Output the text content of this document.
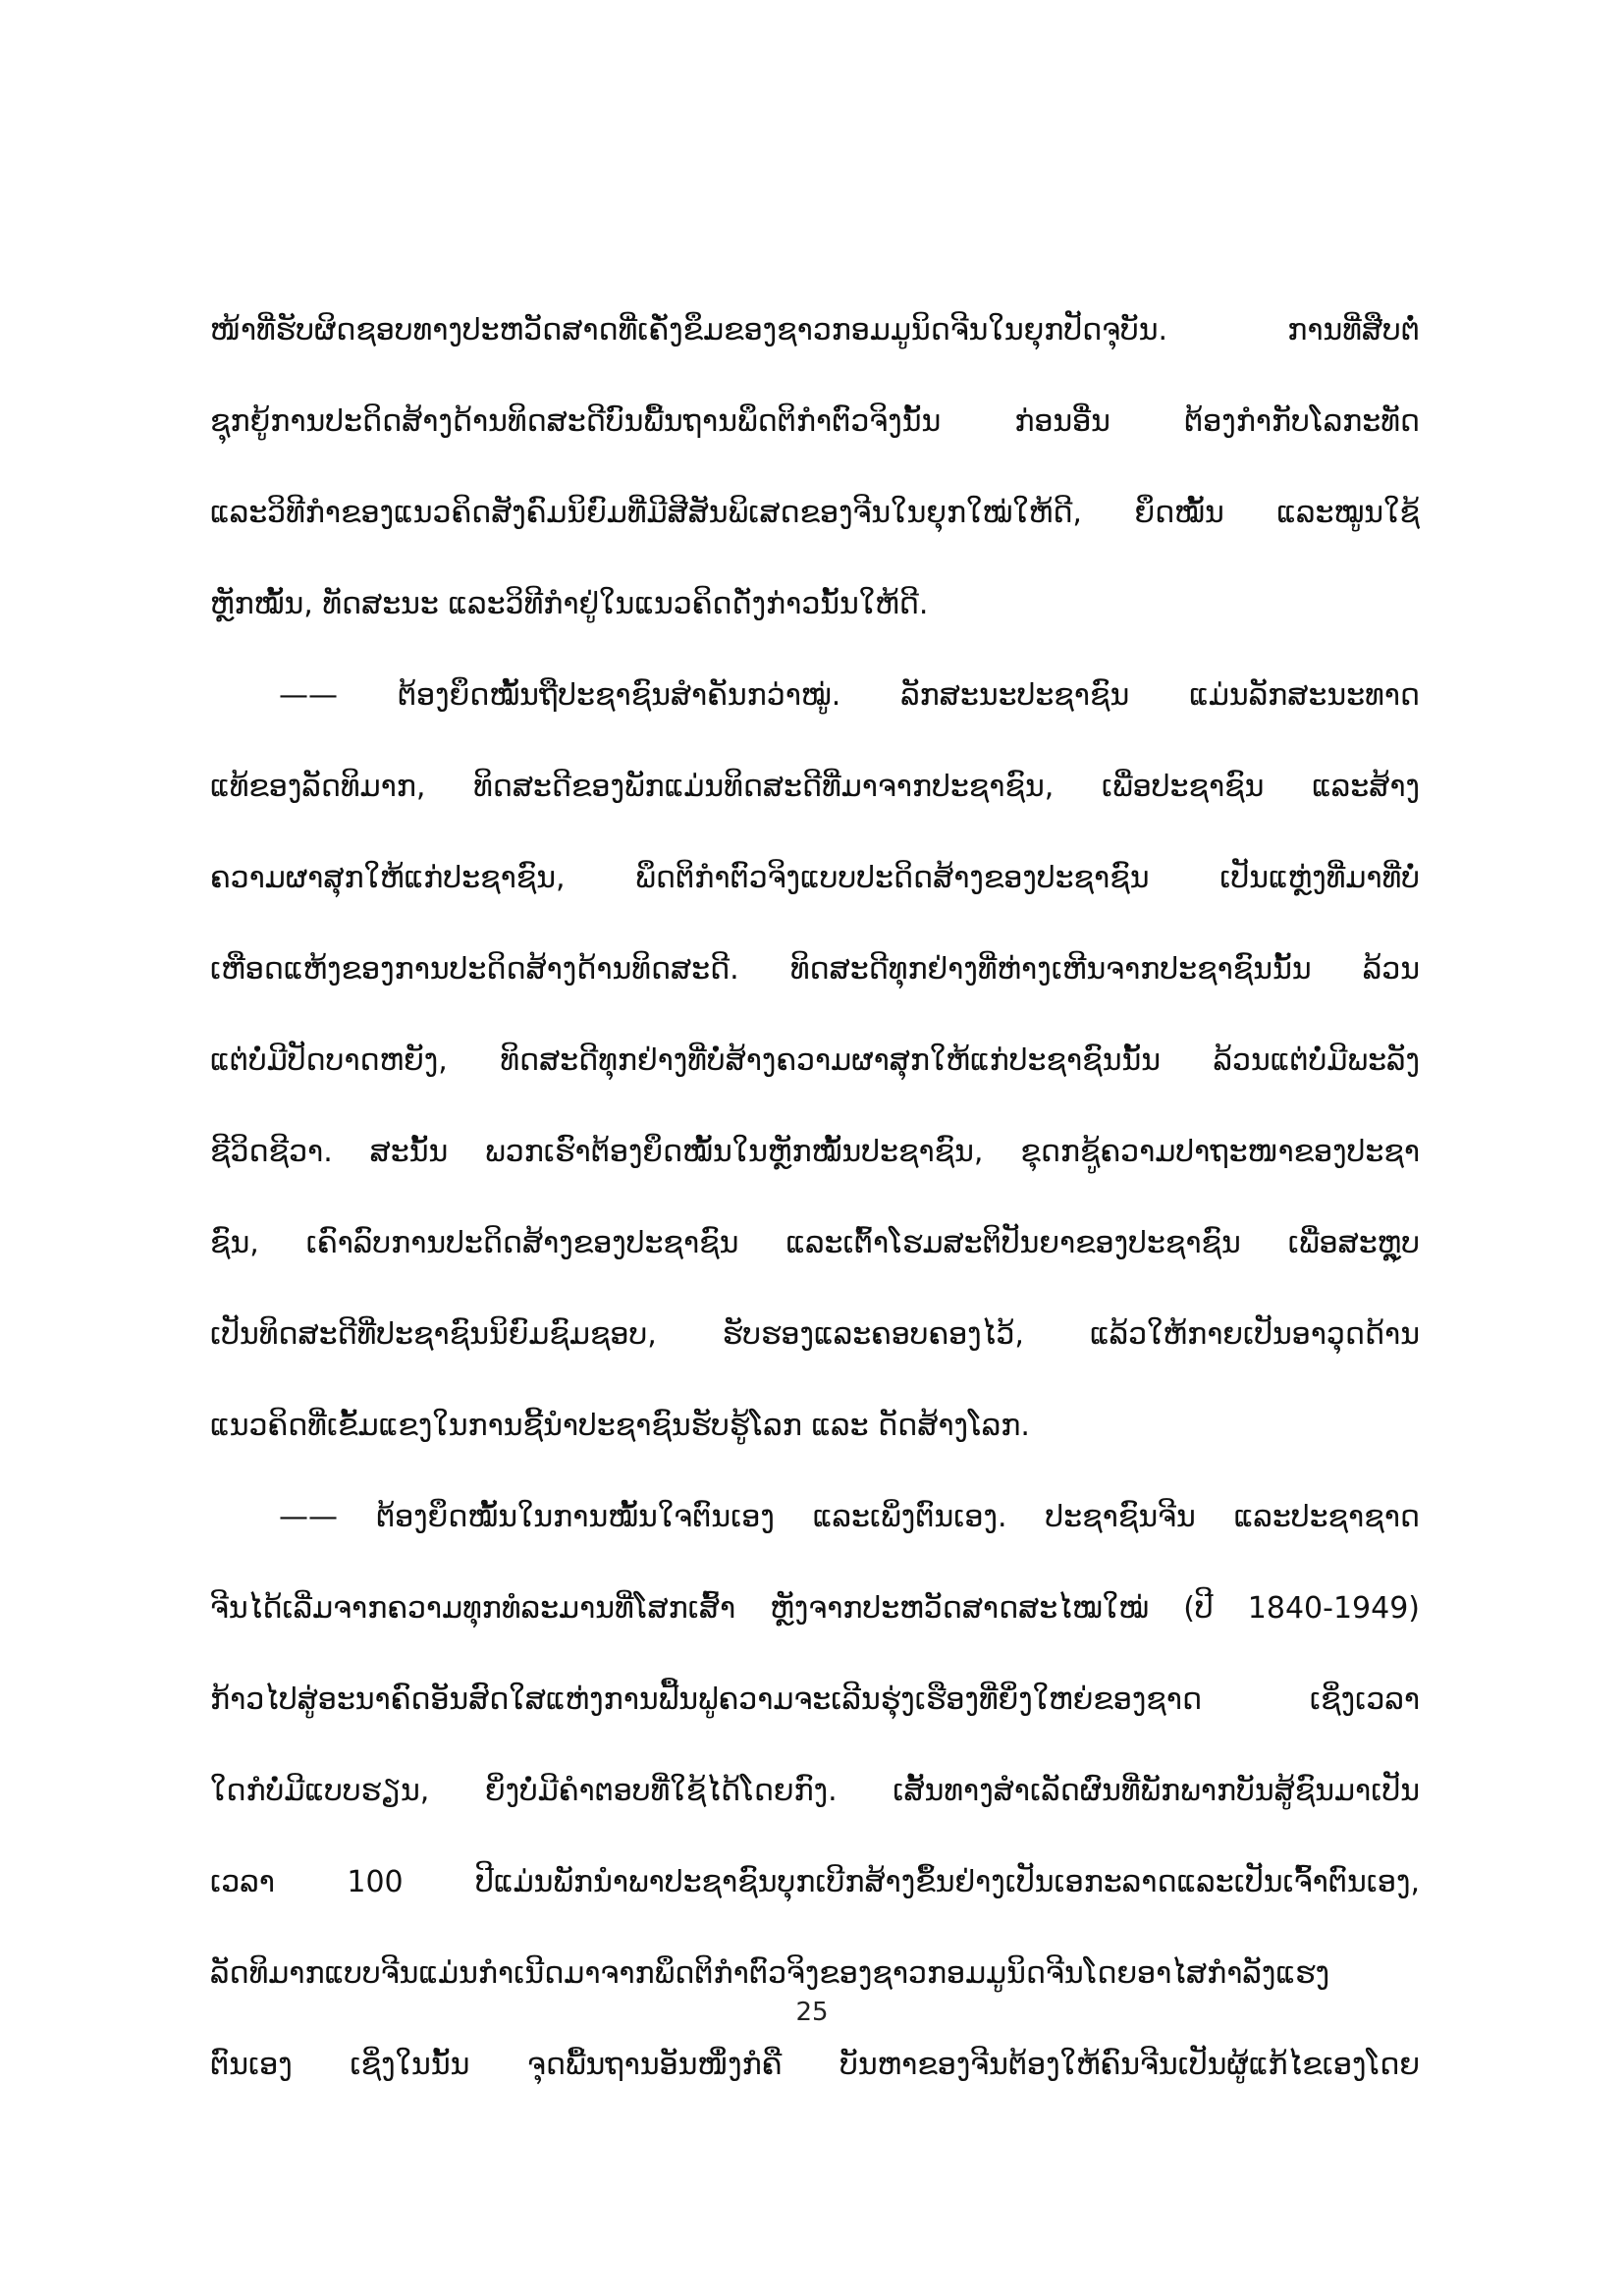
ໜ້າທີ່ຮັບຜິດຊອບທາງປະຫວັດສາດທີ່ເຄັ່ງຂຶມຂອງຊາວກອມມູນິດຈີນໃນຍຸກປັດຈຸບັນ. ການທີ່ສືບຕໍ່
ຊຸກຍູ້ການປະດິດສ້າງດ້ານທິດສະດີບົນພື້ນຖານພຶດຕິກຳຕົວຈິງນັ້ນ ກ່ອນອື່ນ ຕ້ອງກຳກັບໂລກະທັດ
ແລະວິທີກຳຂອງແນວຄິດສັງຄົມນິຍົມທີ່ມີສີສັນພິເສດຂອງຈີນໃນຍຸກໃໝ່ໃຫ້ດີ, ຍຶດໝັ້ນ ແລະໝູນໃຊ້
ຫຼັກໝັ້ນ, ທັດສະນະ ແລະວິທີກຳຢູ່ໃນແນວຄິດດັ່ງກ່າວນັ້ນໃຫ້ດີ.
—— ຕ້ອງຍຶດໝັ້ນຖືປະຊາຊົນສຳຄັນກວ່າໝູ່. ລັກສະນະປະຊາຊົນ ແມ່ນລັກສະນະທາດ
ແທ້ຂອງລັດທິມາກ, ທິດສະດີຂອງພັກແມ່ນທິດສະດີທີ່ມາຈາກປະຊາຊົນ, ເພື່ອປະຊາຊົນ ແລະສ້າງ
ຄວາມຜາສຸກໃຫ້ແກ່ປະຊາຊົນ, ພຶດຕິກຳຕົວຈິງແບບປະດິດສ້າງຂອງປະຊາຊົນ ເປັນແຫຼ່ງທີ່ມາທີ່ບໍ່
ເຫືອດແຫ້ງຂອງການປະດິດສ້າງດ້ານທິດສະດີ. ທິດສະດີທຸກຢ່າງທີ່ຫ່າງເຫີນຈາກປະຊາຊົນນັ້ນ ລ້ວນ
ແຕ່ບໍ່ມີປັດບາດຫຍັງ, ທິດສະດີທຸກຢ່າງທີ່ບໍ່ສ້າງຄວາມຜາສຸກໃຫ້ແກ່ປະຊາຊົນນັ້ນ ລ້ວນແຕ່ບໍ່ມີພະລັງ
ຊີວິດຊີວາ. ສະນັ້ນ ພວກເຮົາຕ້ອງຍຶດໝັ້ນໃນຫຼັກໝັ້ນປະຊາຊົນ, ຂຸດກຊູ້ຄວາມປາຖະໜາຂອງປະຊາ
ຊົນ, ເຄົາລົບການປະດິດສ້າງຂອງປະຊາຊົນ ແລະເຕົ້າໂຮມສະຕິປັນຍາຂອງປະຊາຊົນ ເພື່ອສະຫຼຸບ
ເປັນທິດສະດີທີ່ປະຊາຊົນນິຍົມຊົມຊອບ, ຮັບຮອງແລະຄອບຄອງໄວ້, ແລ້ວໃຫ້ກາຍເປັນອາວຸດດ້ານ
ແນວຄິດທີ່ເຂັ້ມແຂງໃນການຊີ້ນຳປະຊາຊົນຮັບຮູ້ໂລກ ແລະ ດັດສ້າງໂລກ.
—— ຕ້ອງຍຶດໝັ້ນໃນການໝັ້ນໃຈຕົນເອງ ແລະເພິ່ງຕົນເອງ. ປະຊາຊົນຈີນ ແລະປະຊາຊາດ
ຈີນໄດ້ເລີ່ມຈາກຄວາມທຸກທໍລະມານທີ່ໂສກເສົ້າ ຫຼັງຈາກປະຫວັດສາດສະໄໝໃໝ່ (ປີ 1840-1949)
ກ້າວໄປສູ່ອະນາຄົດອັນສົດໃສແຫ່ງການຟື້ນຟູຄວາມຈະເລີນຮຸ່ງເຮືອງທີ່ຍິ່ງໃຫຍ່ຂອງຊາດ ເຊິ່ງເວລາ
ໃດກໍບໍ່ມີແບບຮຽນ, ຍິ່ງບໍ່ມີຄຳຕອບທີ່ໃຊ້ໄດ້ໂດຍກົງ. ເສັ້ນທາງສຳເລັດຜົນທີ່ພັກພາກບັນສູ້ຊົນມາເປັນ
ເວລາ 100 ປີແມ່ນພັກນຳພາປະຊາຊົນບຸກເບີກສ້າງຂຶ້ນຢ່າງເປັນເອກະລາດແລະເປັນເຈົ້າຕົນເອງ,
ລັດທິມາກແບບຈີນແມ່ນກຳເນີດມາຈາກພຶດຕິກຳຕົວຈິງຂອງຊາວກອມມູນິດຈີນໂດຍອາໄສກຳລັງແຮງ
ຕົນເອງ ເຊິ່ງໃນນັ້ນ ຈຸດພື້ນຖານອັນໜຶ່ງກໍຄື ບັນຫາຂອງຈີນຕ້ອງໃຫ້ຄົນຈີນເປັນຜູ້ແກ້ໄຂເອງໂດຍ
25
